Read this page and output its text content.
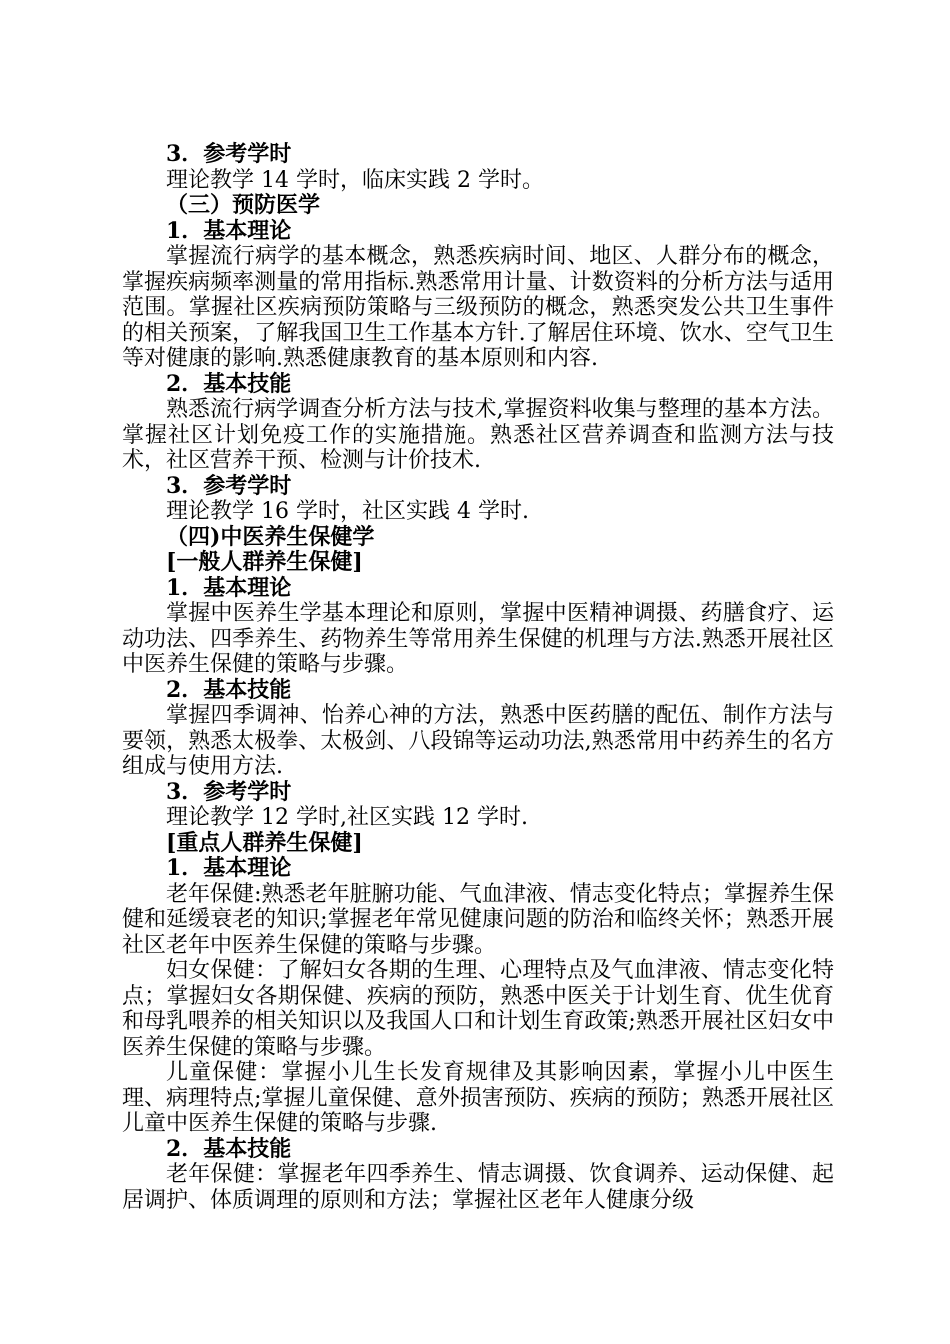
3．参考学时
理论教学 14 学时，临床实践 2 学时。
（三）预防医学
1．基本理论
掌握流行病学的基本概念，熟悉疾病时间、地区、人群分布的概念，掌握疾病频率测量的常用指标.熟悉常用计量、计数资料的分析方法与适用范围。掌握社区疾病预防策略与三级预防的概念，熟悉突发公共卫生事件的相关预案，了解我国卫生工作基本方针.了解居住环境、饮水、空气卫生等对健康的影响.熟悉健康教育的基本原则和内容.
2．基本技能
熟悉流行病学调查分析方法与技术,掌握资料收集与整理的基本方法。掌握社区计划免疫工作的实施措施。熟悉社区营养调查和监测方法与技术，社区营养干预、检测与计价技术.
3．参考学时
理论教学 16 学时，社区实践 4 学时.
（四)中医养生保健学
[一般人群养生保健]
1．基本理论
掌握中医养生学基本理论和原则，掌握中医精神调摄、药膳食疗、运动功法、四季养生、药物养生等常用养生保健的机理与方法.熟悉开展社区中医养生保健的策略与步骤。
2．基本技能
掌握四季调神、怡养心神的方法，熟悉中医药膳的配伍、制作方法与要领，熟悉太极拳、太极剑、八段锦等运动功法,熟悉常用中药养生的名方组成与使用方法.
3．参考学时
理论教学 12 学时,社区实践 12 学时.
[重点人群养生保健]
1．基本理论
老年保健:熟悉老年脏腑功能、气血津液、情志变化特点；掌握养生保健和延缓衰老的知识;掌握老年常见健康问题的防治和临终关怀；熟悉开展社区老年中医养生保健的策略与步骤。
妇女保健：了解妇女各期的生理、心理特点及气血津液、情志变化特点；掌握妇女各期保健、疾病的预防，熟悉中医关于计划生育、优生优育和母乳喂养的相关知识以及我国人口和计划生育政策;熟悉开展社区妇女中医养生保健的策略与步骤。
儿童保健：掌握小儿生长发育规律及其影响因素，掌握小儿中医生理、病理特点;掌握儿童保健、意外损害预防、疾病的预防；熟悉开展社区儿童中医养生保健的策略与步骤.
2．基本技能
老年保健：掌握老年四季养生、情志调摄、饮食调养、运动保健、起居调护、体质调理的原则和方法；掌握社区老年人健康分级
